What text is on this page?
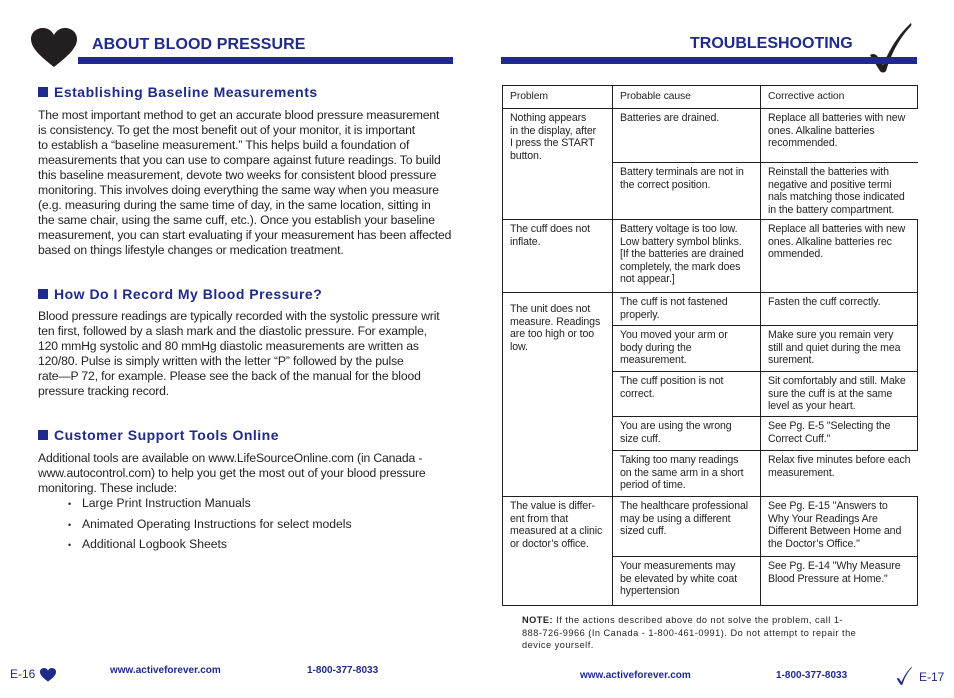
ABOUT BLOOD PRESSURE
Establishing Baseline Measurements
The most important method to get an accurate blood pressure measurement
is consistency. To get the most benefit out of your monitor, it is important
to establish a “baseline measurement.” This helps build a foundation of
measurements that you can use to compare against future readings. To build
this baseline measurement, devote two weeks for consistent blood pressure
monitoring. This involves doing everything the same way when you measure
(e.g. measuring during the same time of day, in the same location, sitting in
the same chair, using the same cuff, etc.). Once you establish your baseline
measurement, you can start evaluating if your measurement has been affected
based on things lifestyle changes or medication treatment.
How Do I Record My Blood Pressure?
Blood pressure readings are typically recorded with the systolic pressure writ
ten first, followed by a slash mark and the diastolic pressure. For example,
120 mmHg systolic and 80 mmHg diastolic measurements are written as
120/80. Pulse is simply written with the letter “P” followed by the pulse
rate—P 72, for example. Please see the back of the manual for the blood
pressure tracking record.
Customer Support Tools Online
Additional tools are available on www.LifeSourceOnline.com (in Canada -
www.autocontrol.com) to help you get the most out of your blood pressure
monitoring. These include:
• Large Print Instruction Manuals
• Animated Operating Instructions for select models
• Additional Logbook Sheets
E-16	www.activeforever.com	1-800-377-8033
TROUBLESHOOTING
Problem	Probable cause	Corrective action
Nothing appears
in the display, after
I press the START
button.	Batteries are drained.	Replace all batteries with new
ones. Alkaline batteries
recommended.
	Battery terminals are not in
the correct position.	Reinstall the batteries with
negative and positive termi
nals matching those indicated
in the battery compartment.
The cuff does not
inflate.	Battery voltage is too low.
Low battery symbol blinks.
[If the batteries are drained
completely, the mark does
not appear.]	Replace all batteries with new
ones. Alkaline batteries rec
ommended.
The unit does not
measure. Readings
are too high or too
low.	The cuff is not fastened
properly.	Fasten the cuff correctly.
	You moved your arm or
body during the
measurement.	Make sure you remain very
still and quiet during the mea
surement.
	The cuff position is not
correct.	Sit comfortably and still. Make
sure the cuff is at the same
level as your heart.
	You are using the wrong
size cuff.	See Pg. E-5 "Selecting the
Correct Cuff."
	Taking too many readings
on the same arm in a short
period of time.	Relax five minutes before each
measurement.
The value is differ-
ent from that
measured at a clinic
or doctor’s office.	The healthcare professional
may be using a different
sized cuff.	See Pg. E-15 "Answers to
Why Your Readings Are
Different Between Home and
the Doctor’s Office."
	Your measurements may
be elevated by white coat
hypertension	See Pg. E-14 "Why Measure
Blood Pressure at Home."
NOTE: If the actions described above do not solve the problem, call 1-
888-726-9966 (In Canada - 1-800-461-0991). Do not attempt to repair the
device yourself.
www.activeforever.com	1-800-377-8033	E-17
